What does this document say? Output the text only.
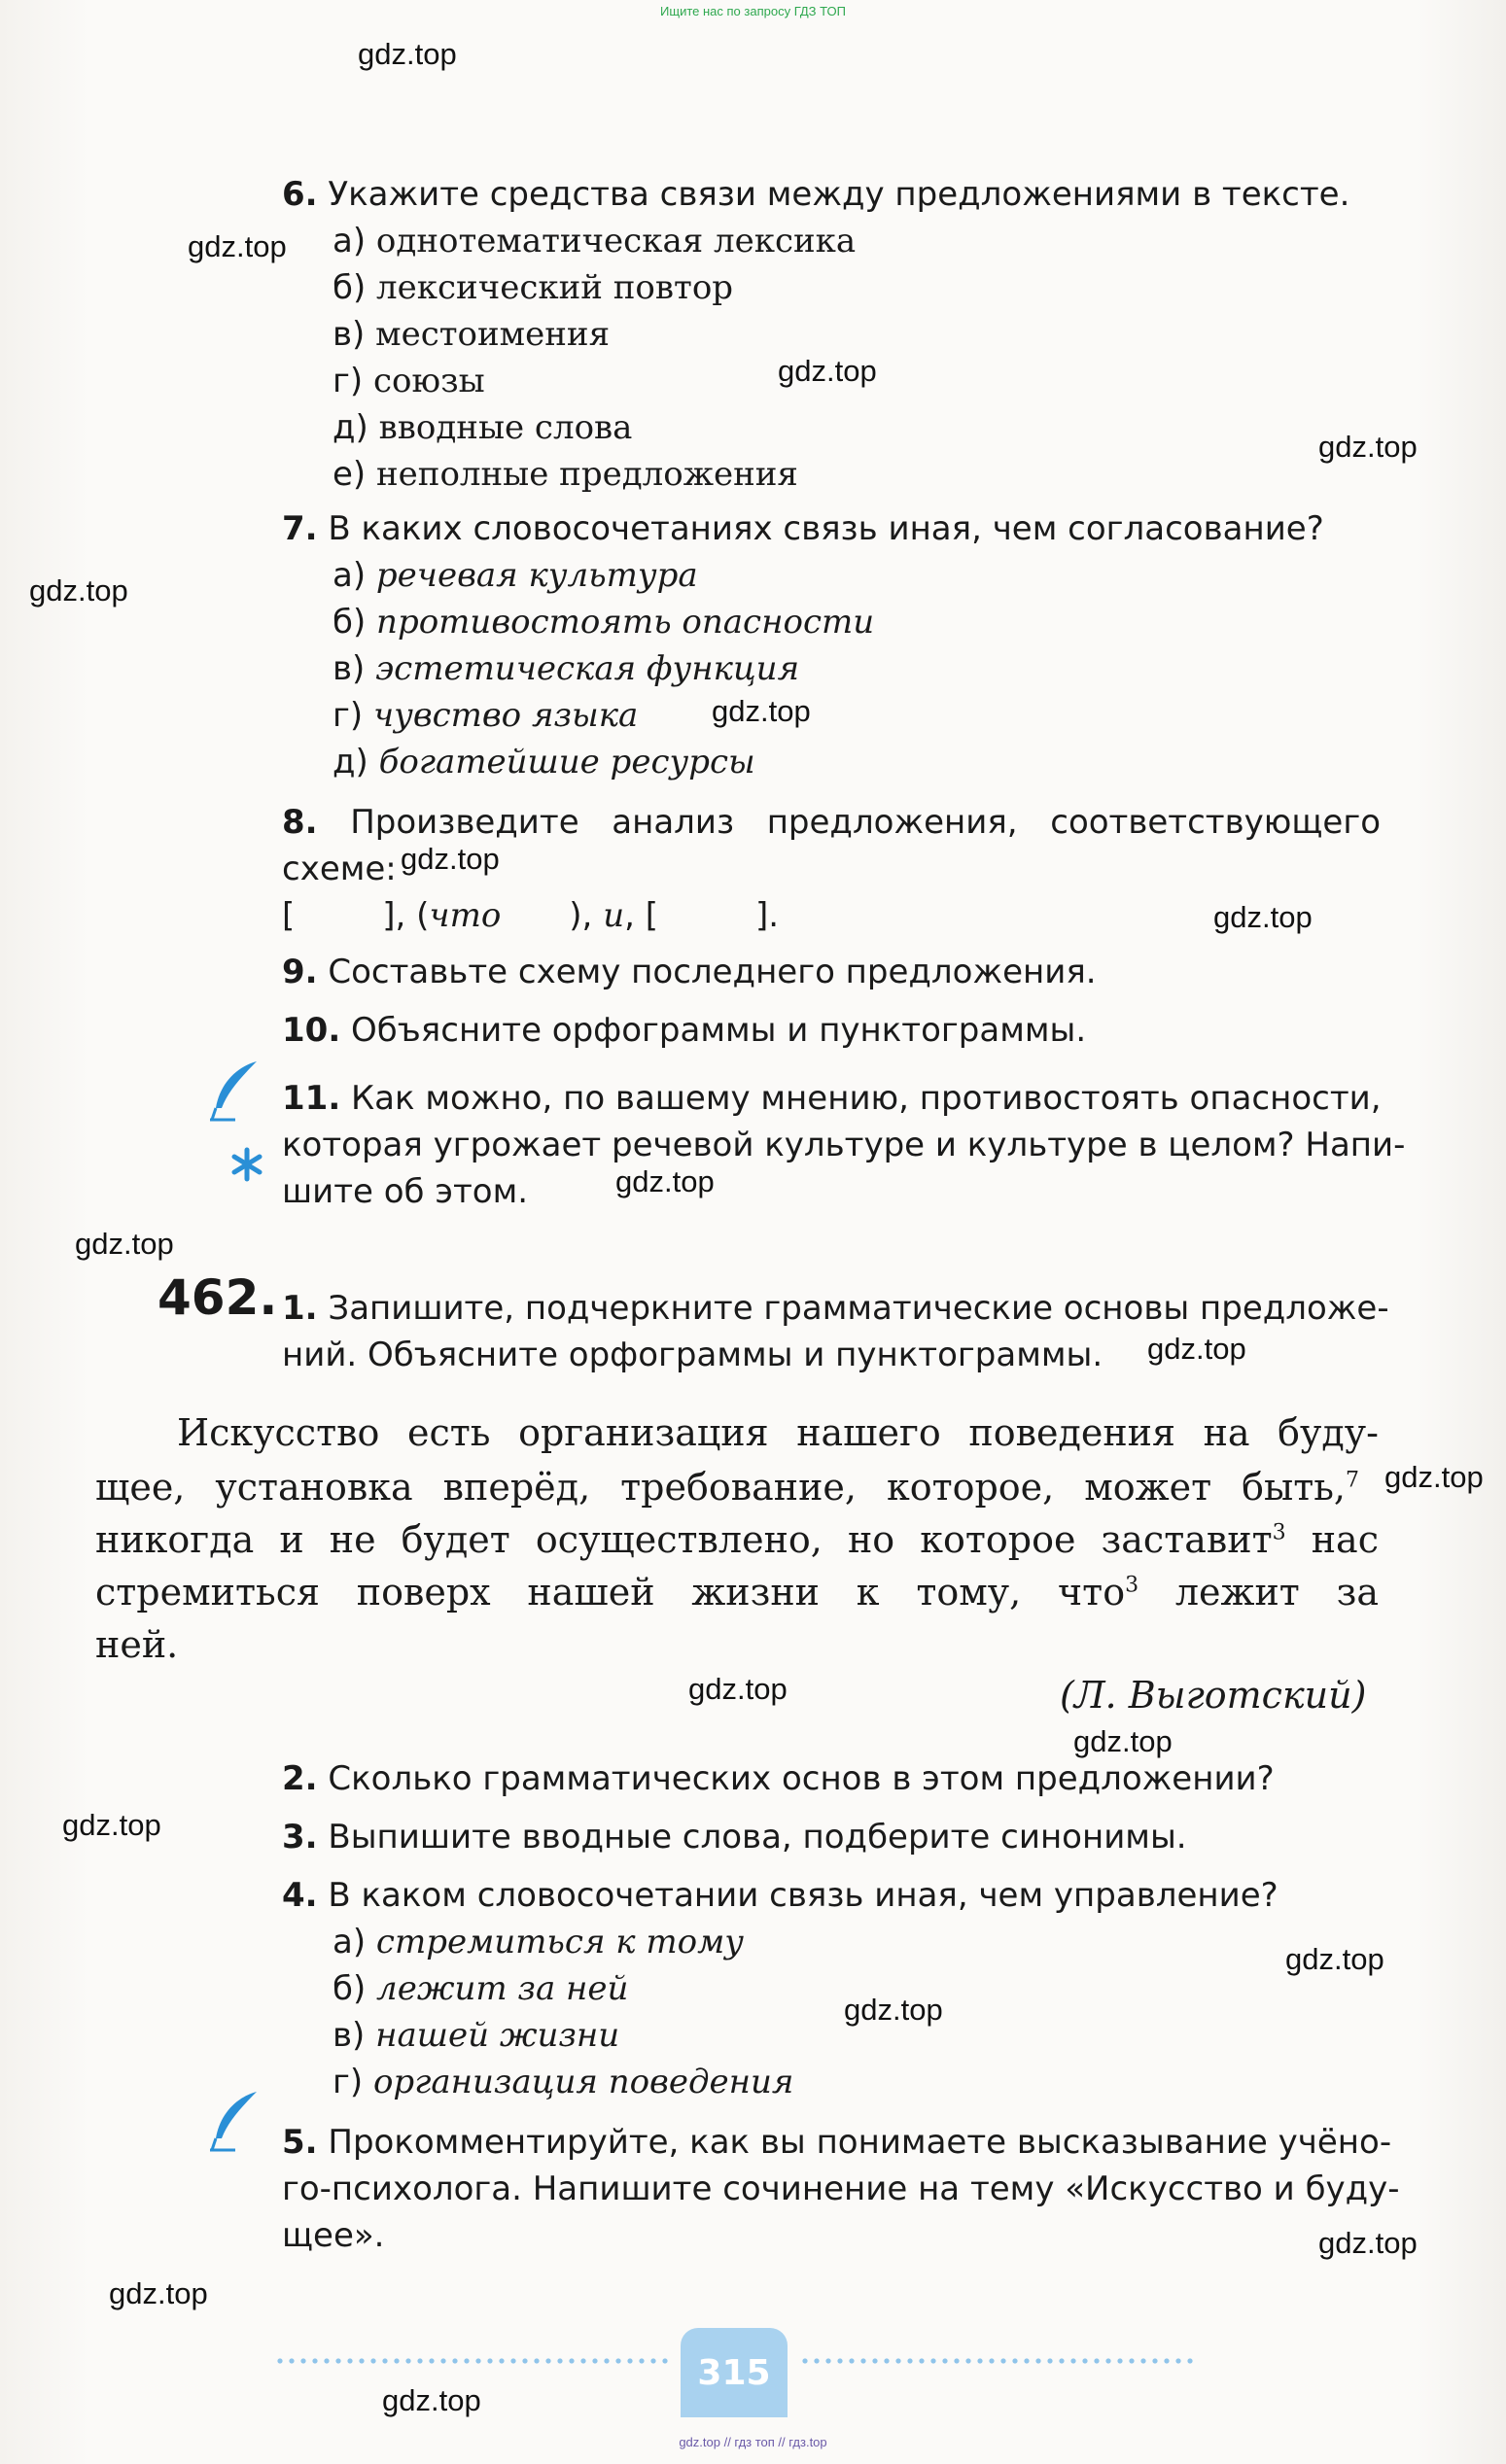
Ищите нас по запросу ГДЗ ТОП
gdz.top
gdz.top
gdz.top
gdz.top
gdz.top
gdz.top
gdz.top
gdz.top
gdz.top
gdz.top
gdz.top
gdz.top
gdz.top
gdz.top
gdz.top
gdz.top
gdz.top
gdz.top
gdz.top
gdz.top
6. Укажите средства связи между предложениями в тексте.
а) однотематическая лексика
б) лексический повтор
в) местоимения
г) союзы
д) вводные слова
е) неполные предложения
7. В каких словосочетаниях связь иная, чем согласование?
а) речевая культура
б) противостоять опасности
в) эстетическая функция
г) чувство языка
д) богатейшие ресурсы
8. Произведите анализ предложения, соответствующего
схеме:
[	], (что ), и, [	].
9. Составьте схему последнего предложения.
10. Объясните орфограммы и пунктограммы.
11. Как можно, по вашему мнению, противостоять опасности,
которая угрожает речевой культуре и культуре в целом? Напи-
шите об этом.
462. 1. Запишите, подчеркните грамматические основы предложе-
ний. Объясните орфограммы и пунктограммы.
Искусство есть организация нашего поведения на буду-
щее, установка вперёд, требование, которое, может быть,$^7$
никогда и не будет осуществлено, но которое заставит$^3$ нас
стремиться поверх нашей жизни к тому, что$^3$ лежит за
ней.
(Л. Выготский)
2. Сколько грамматических основ в этом предложении?
3. Выпишите вводные слова, подберите синонимы.
4. В каком словосочетании связь иная, чем управление?
а) стремиться к тому
б) лежит за ней
в) нашей жизни
г) организация поведения
5. Прокомментируйте, как вы понимаете высказывание учёно-
го-психолога. Напишите сочинение на тему «Искусство и буду-
щее».
315
gdz.top // гдз топ // гдз.top
